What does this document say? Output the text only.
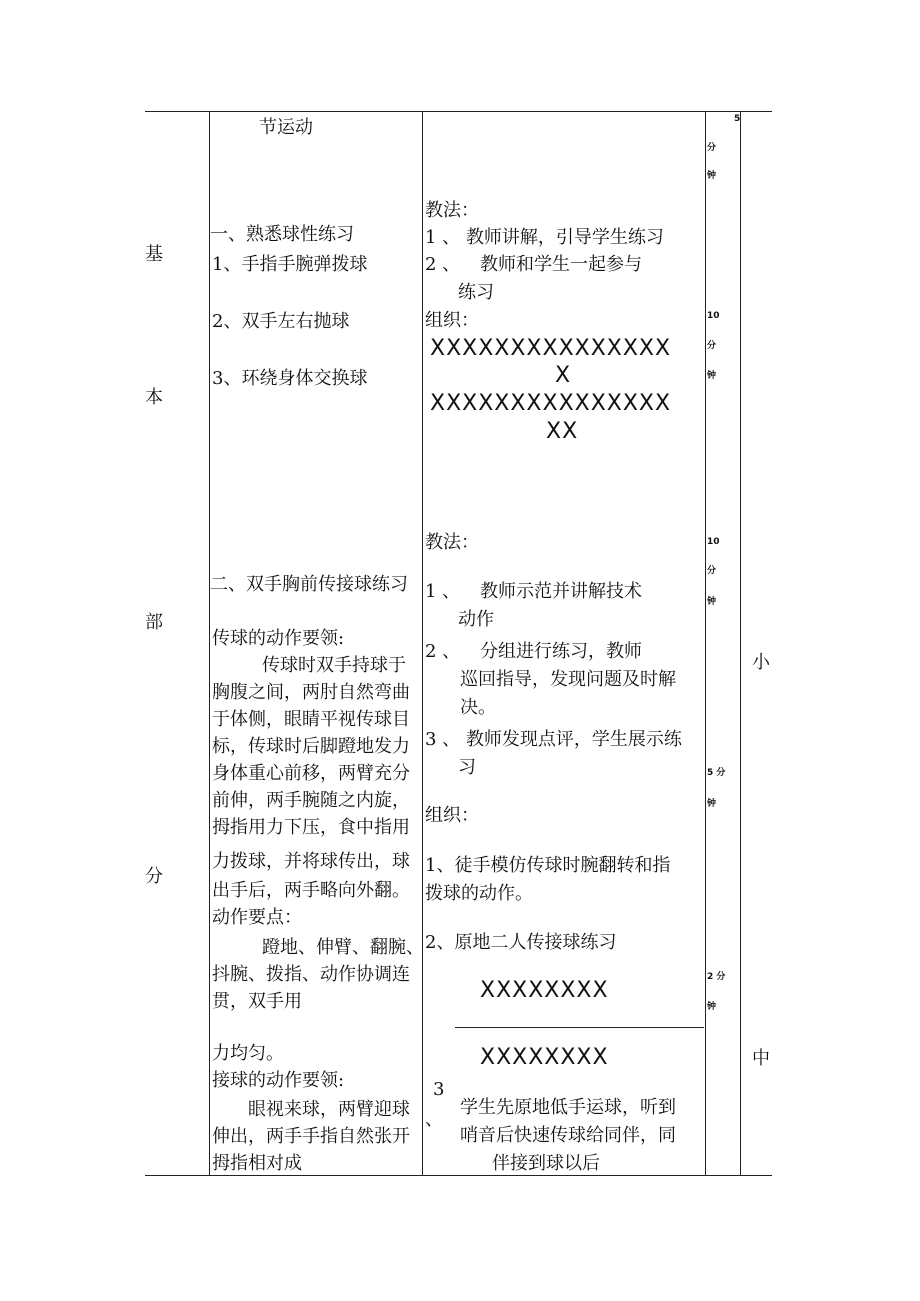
基
本
部
分
节运动
一、熟悉球性练习
1、手指手腕弹拨球
2、双手左右抛球
3、环绕身体交换球
二、双手胸前传接球练习
传球的动作要领:
传球时双手持球于
胸腹之间，两肘自然弯曲
于体侧，眼睛平视传球目
标，传球时后脚蹬地发力
身体重心前移，两臂充分
前伸，两手腕随之内旋，
拇指用力下压，食中指用
力拨球，并将球传出，球
出手后，两手略向外翻。
动作要点：
蹬地、伸臂、翻腕、
抖腕、拨指、动作协调连
贯，双手用
力均匀。
接球的动作要领:
眼视来球，两臂迎球
伸出，两手手指自然张开
拇指相对成
教法：
1 、 教师讲解，引导学生练习
2 、 教师和学生一起参与
练习
组织：
XXXXXXXXXXXXXXX
X
XXXXXXXXXXXXXXX
XX
教法：
1 、 教师示范并讲解技术
动作
2 、 分组进行练习，教师
巡回指导，发现问题及时解
决。
3 、 教师发现点评，学生展示练
习
组织：
1、徒手模仿传球时腕翻转和指
拨球的动作。
2、原地二人传接球练习
XXXXXXXX
XXXXXXXX
3
、
学生先原地低手运球，听到
哨音后快速传球给同伴，同
伴接到球以后
5
分
钟
10
分
钟
10
分
钟
5 分
钟
2 分
钟
小
中
